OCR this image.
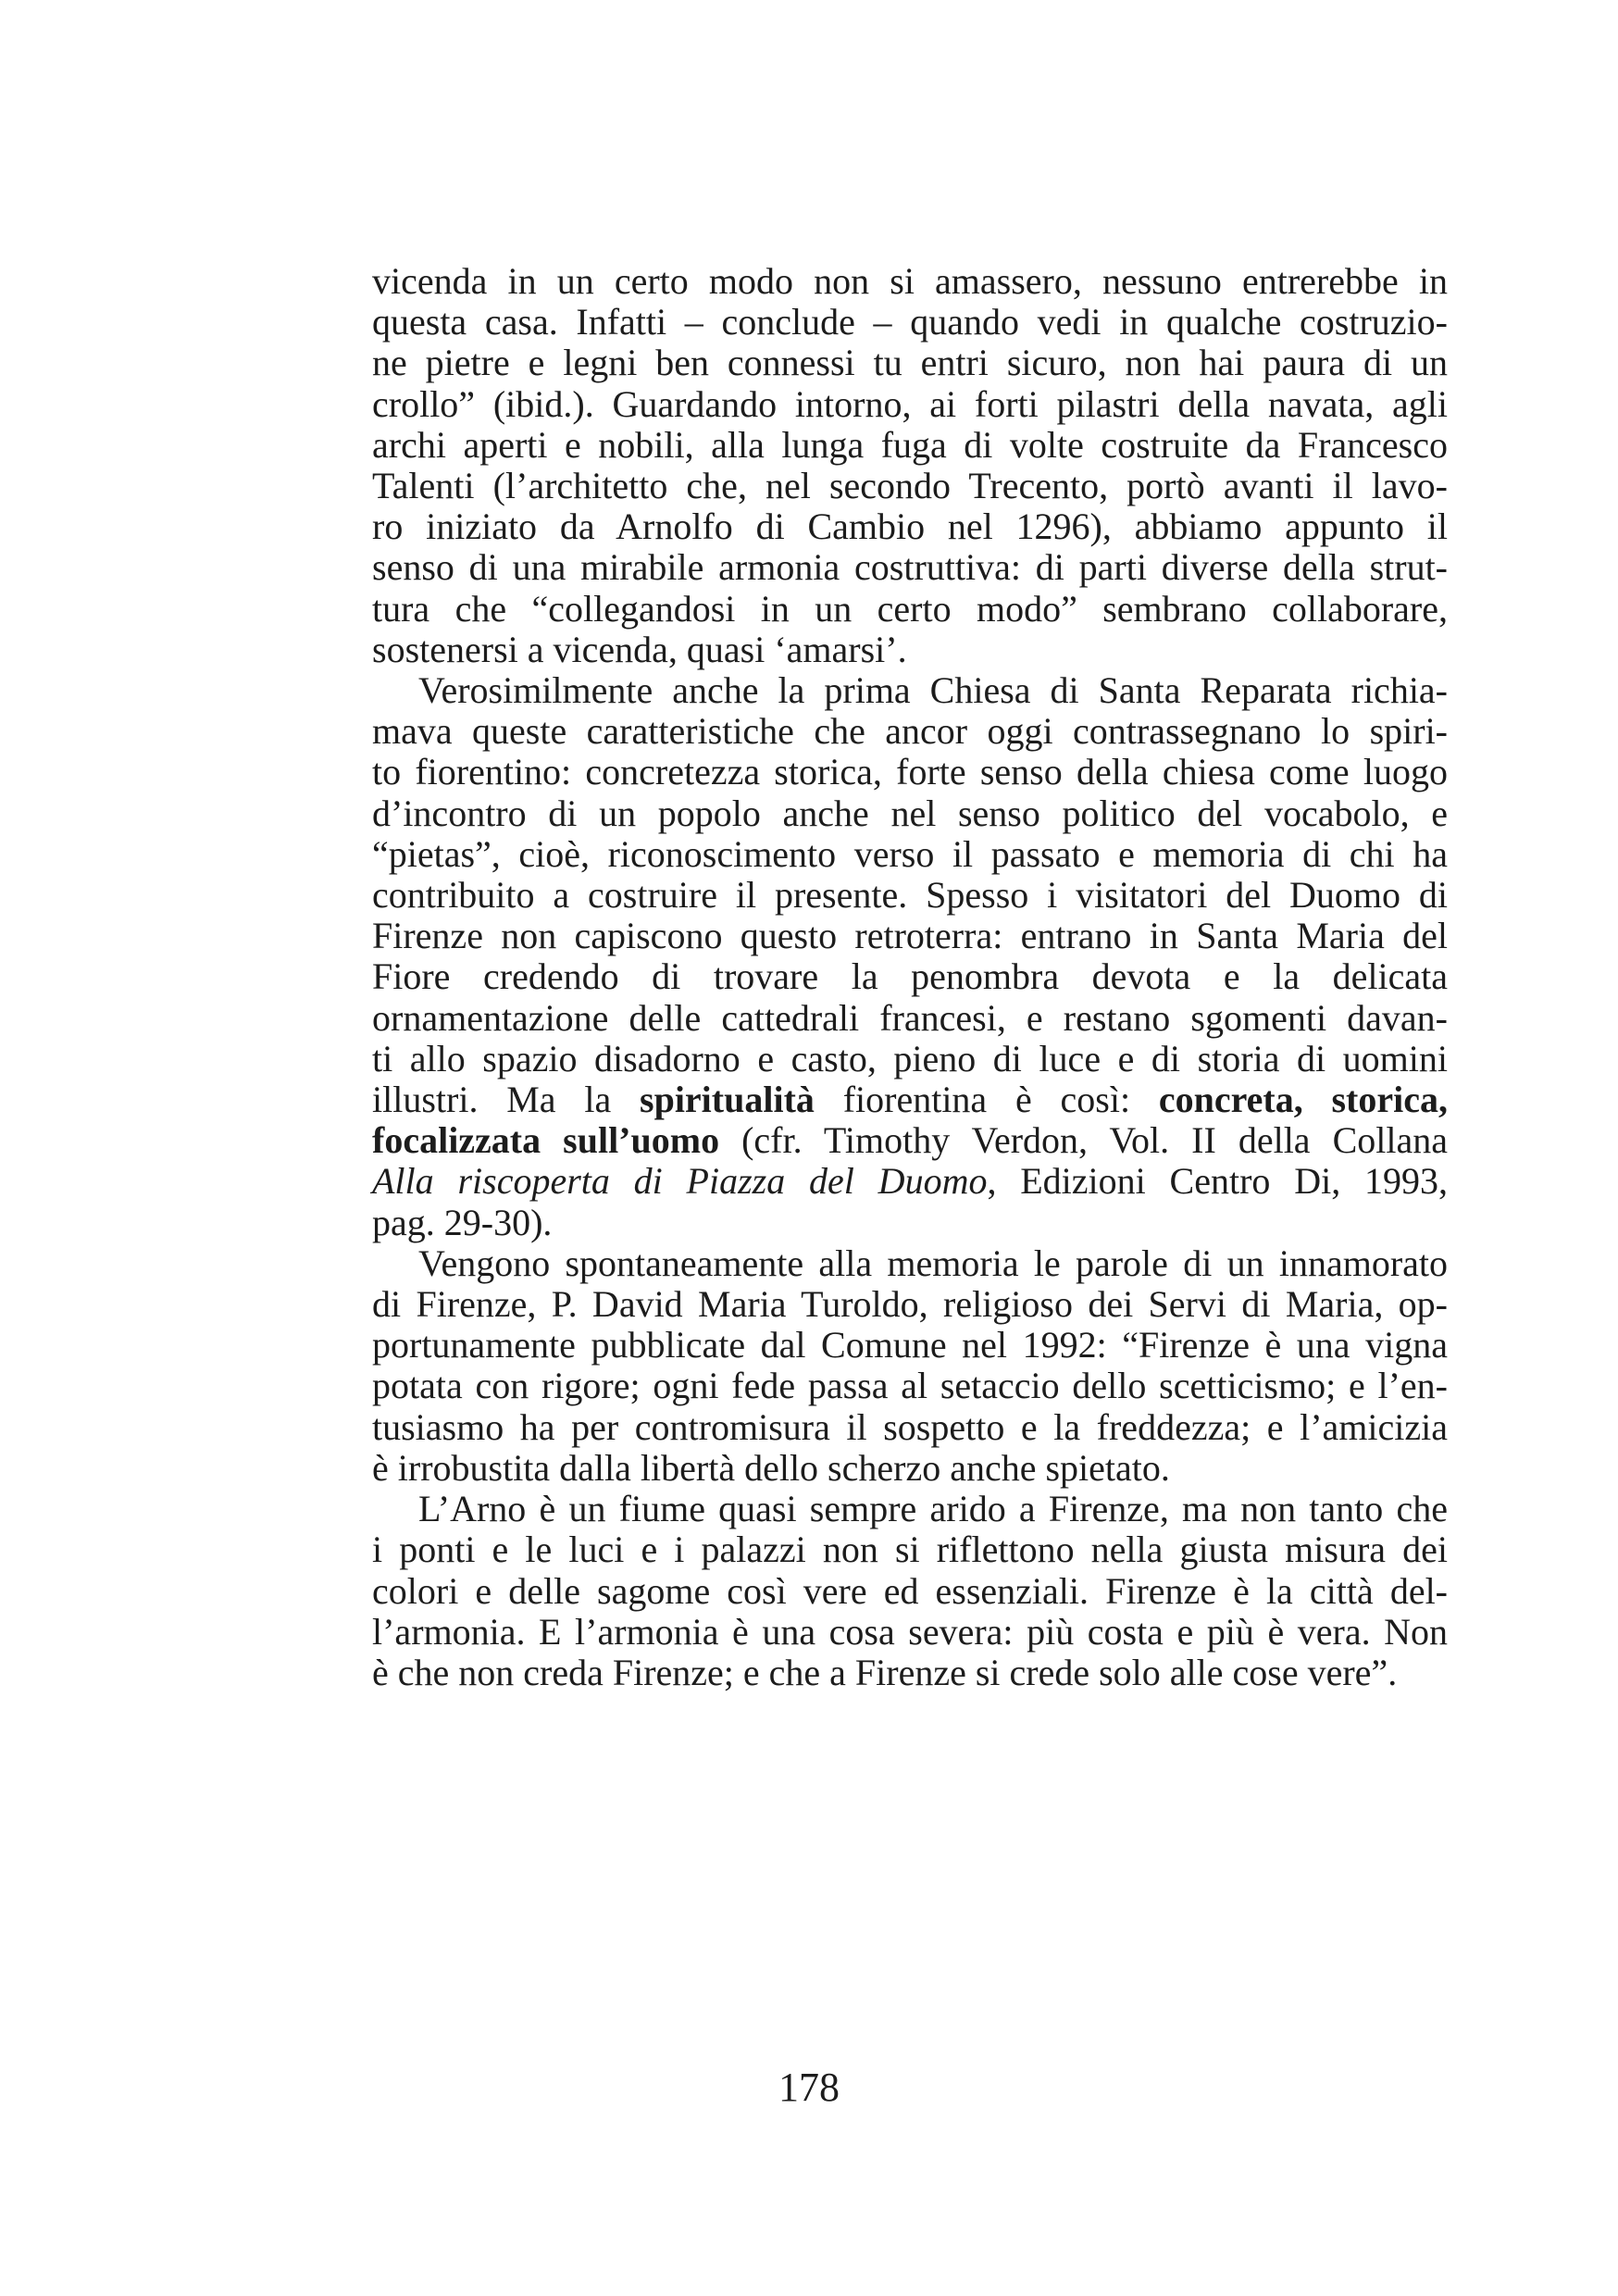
vicenda in un certo modo non si amassero, nessuno entrerebbe in
questa casa. Infatti – conclude – quando vedi in qualche costruzio-
ne pietre e legni ben connessi tu entri sicuro, non hai paura di un
crollo” (ibid.). Guardando intorno, ai forti pilastri della navata, agli
archi aperti e nobili, alla lunga fuga di volte costruite da Francesco
Talenti (l’architetto che, nel secondo Trecento, portò avanti il lavo-
ro iniziato da Arnolfo di Cambio nel 1296), abbiamo appunto il
senso di una mirabile armonia costruttiva: di parti diverse della strut-
tura che “collegandosi in un certo modo” sembrano collaborare,
sostenersi a vicenda, quasi ‘amarsi’.
Verosimilmente anche la prima Chiesa di Santa Reparata richia-
mava queste caratteristiche che ancor oggi contrassegnano lo spiri-
to fiorentino: concretezza storica, forte senso della chiesa come luogo
d’incontro di un popolo anche nel senso politico del vocabolo, e
“pietas”, cioè, riconoscimento verso il passato e memoria di chi ha
contribuito a costruire il presente. Spesso i visitatori del Duomo di
Firenze non capiscono questo retroterra: entrano in Santa Maria del
Fiore credendo di trovare la penombra devota e la delicata
ornamentazione delle cattedrali francesi, e restano sgomenti davan-
ti allo spazio disadorno e casto, pieno di luce e di storia di uomini
illustri. Ma la spiritualità fiorentina è così: concreta, storica,
focalizzata sull’uomo (cfr. Timothy Verdon, Vol. II della Collana
Alla riscoperta di Piazza del Duomo, Edizioni Centro Di, 1993,
pag. 29-30).
Vengono spontaneamente alla memoria le parole di un innamorato
di Firenze, P. David Maria Turoldo, religioso dei Servi di Maria, op-
portunamente pubblicate dal Comune nel 1992: “Firenze è una vigna
potata con rigore; ogni fede passa al setaccio dello scetticismo; e l’en-
tusiasmo ha per contromisura il sospetto e la freddezza; e l’amicizia
è irrobustita dalla libertà dello scherzo anche spietato.
L’Arno è un fiume quasi sempre arido a Firenze, ma non tanto che
i ponti e le luci e i palazzi non si riflettono nella giusta misura dei
colori e delle sagome così vere ed essenziali. Firenze è la città del-
l’armonia. E l’armonia è una cosa severa: più costa e più è vera. Non
è che non creda Firenze; e che a Firenze si crede solo alle cose vere”.
178
